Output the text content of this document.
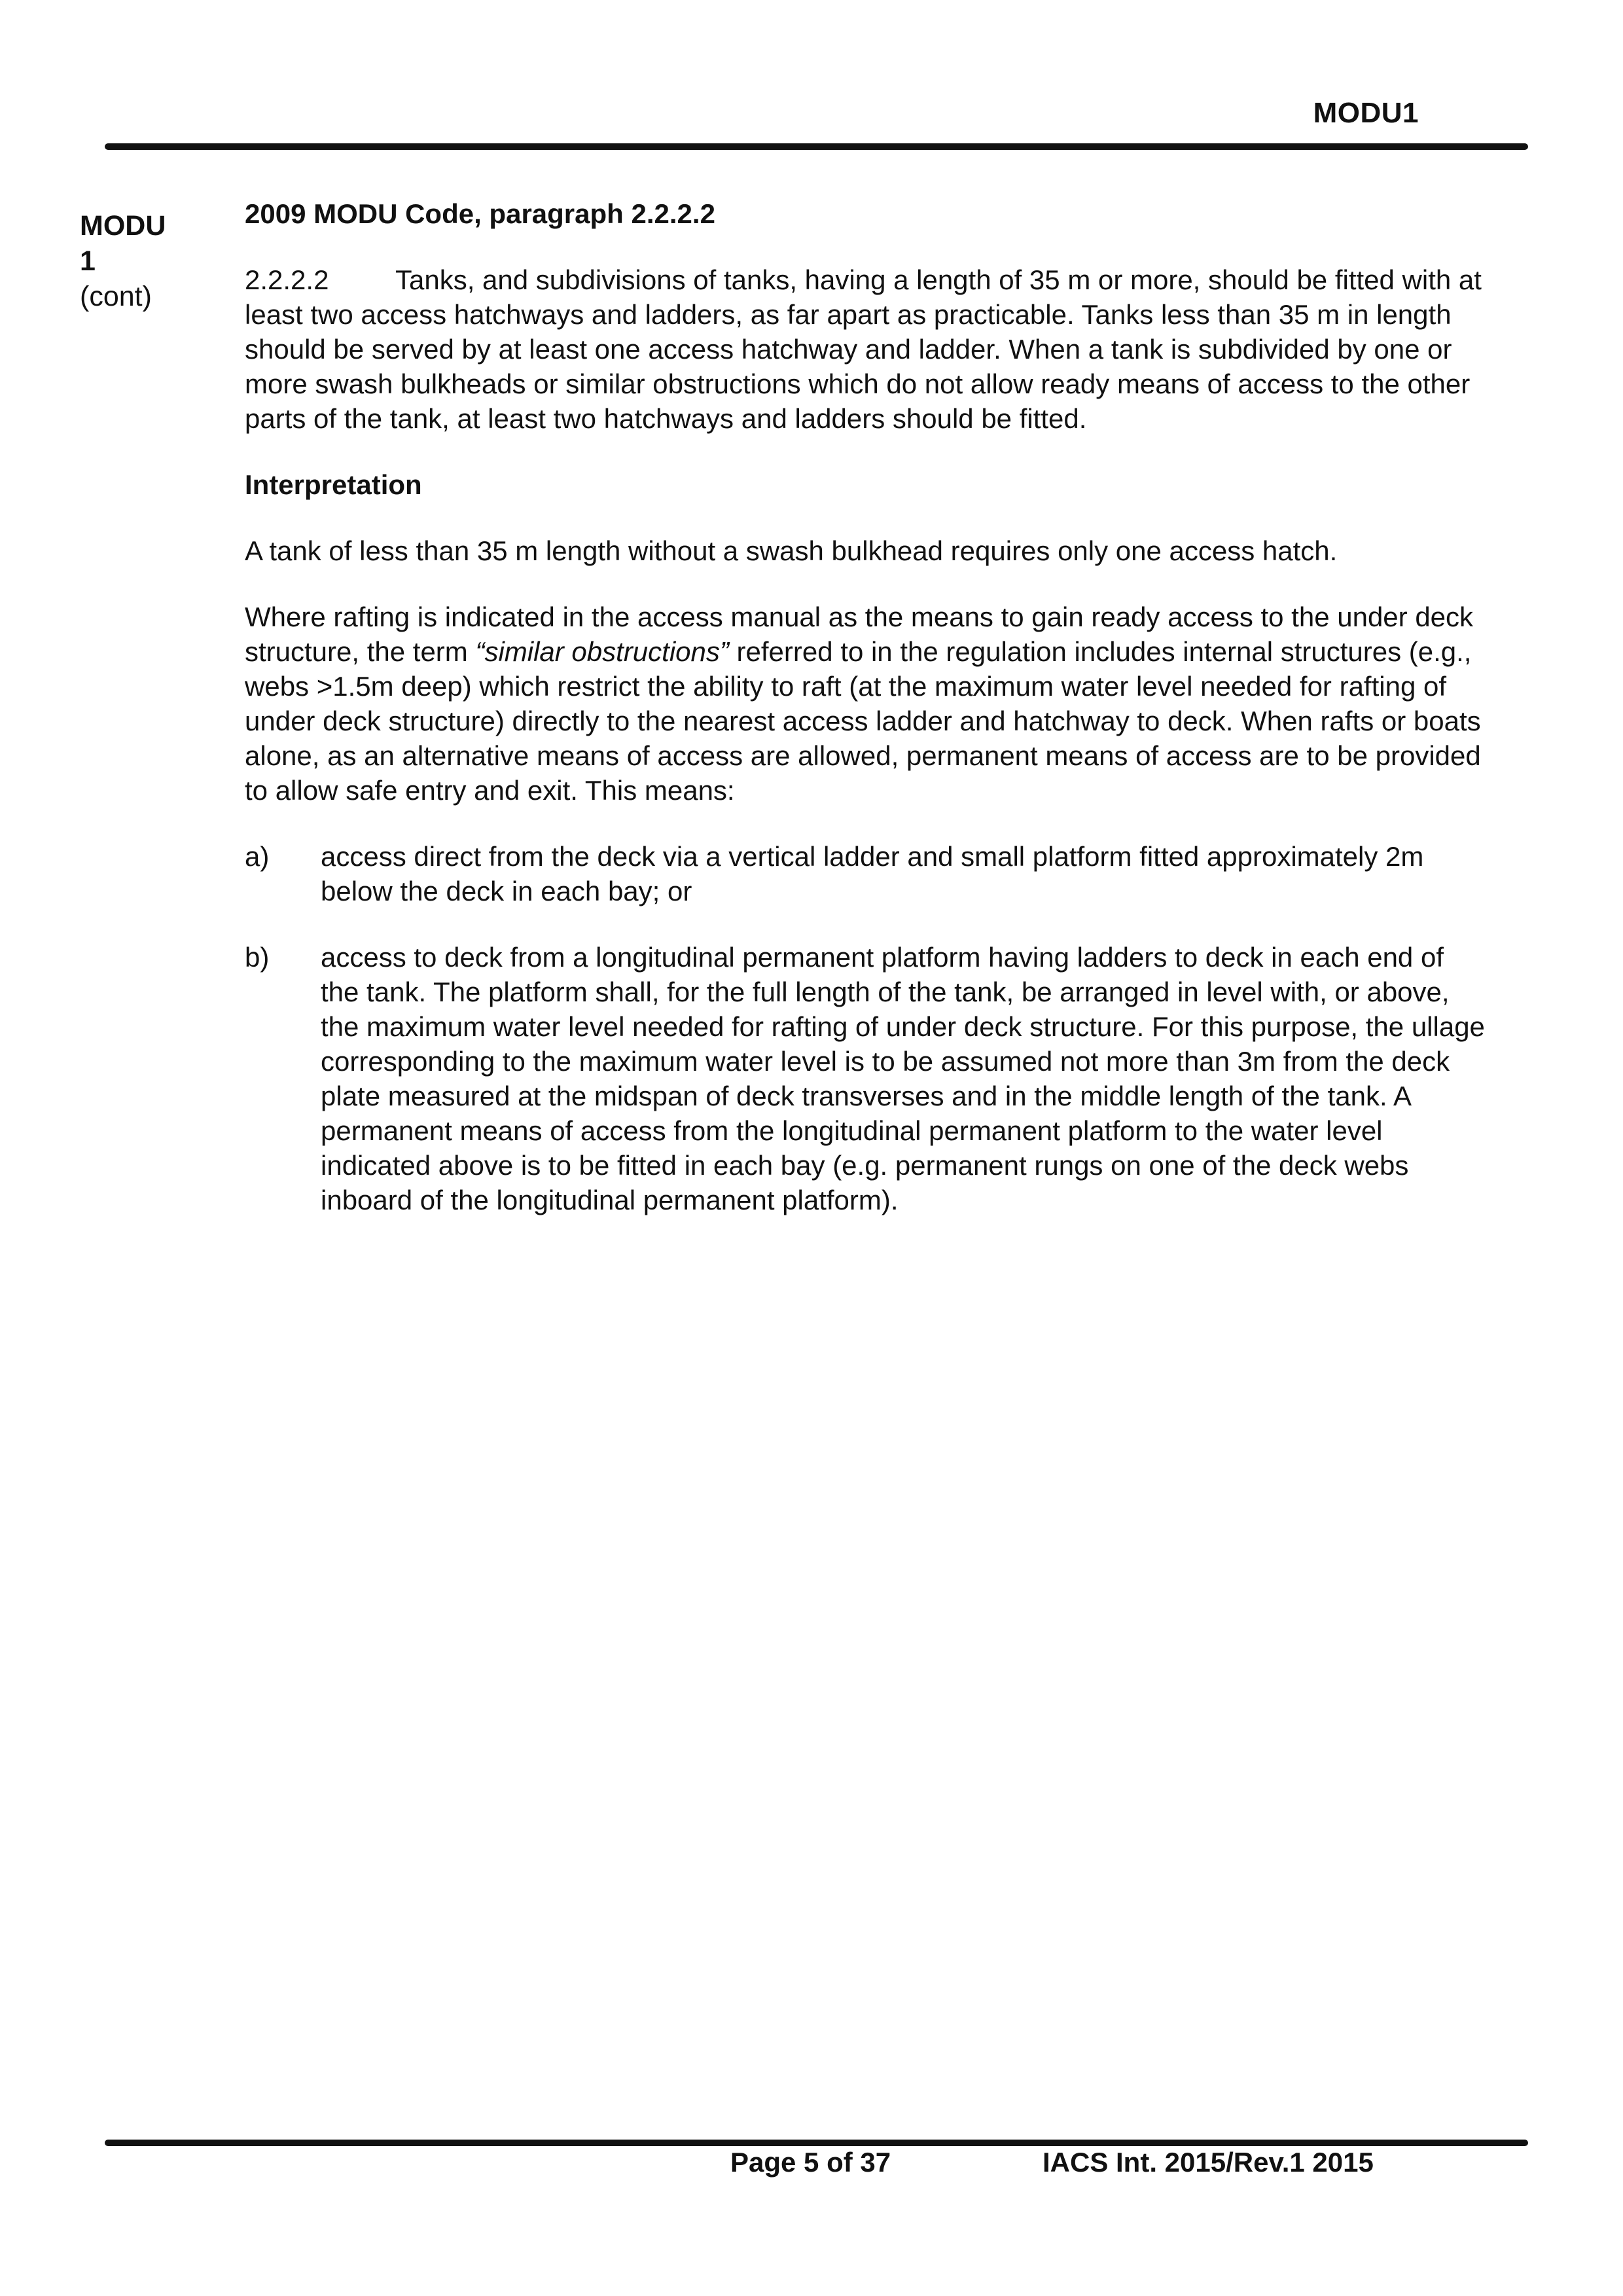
MODU1
MODU
1
(cont)

2009 MODU Code, paragraph 2.2.2.2

2.2.2.2 Tanks, and subdivisions of tanks, having a length of 35 m or more, should be fitted with at least two access hatchways and ladders, as far apart as practicable. Tanks less than 35 m in length should be served by at least one access hatchway and ladder. When a tank is subdivided by one or more swash bulkheads or similar obstructions which do not allow ready means of access to the other parts of the tank, at least two hatchways and ladders should be fitted.

Interpretation

A tank of less than 35 m length without a swash bulkhead requires only one access hatch.

Where rafting is indicated in the access manual as the means to gain ready access to the under deck structure, the term “similar obstructions” referred to in the regulation includes internal structures (e.g., webs >1.5m deep) which restrict the ability to raft (at the maximum water level needed for rafting of under deck structure) directly to the nearest access ladder and hatchway to deck. When rafts or boats alone, as an alternative means of access are allowed, permanent means of access are to be provided to allow safe entry and exit. This means:

a) access direct from the deck via a vertical ladder and small platform fitted approximately 2m below the deck in each bay; or
b) access to deck from a longitudinal permanent platform having ladders to deck in each end of the tank. The platform shall, for the full length of the tank, be arranged in level with, or above, the maximum water level needed for rafting of under deck structure. For this purpose, the ullage corresponding to the maximum water level is to be assumed not more than 3m from the deck plate measured at the midspan of deck transverses and in the middle length of the tank. A permanent means of access from the longitudinal permanent platform to the water level indicated above is to be fitted in each bay (e.g. permanent rungs on one of the deck webs inboard of the longitudinal permanent platform).
Page 5 of 37	IACS Int. 2015/Rev.1 2015
